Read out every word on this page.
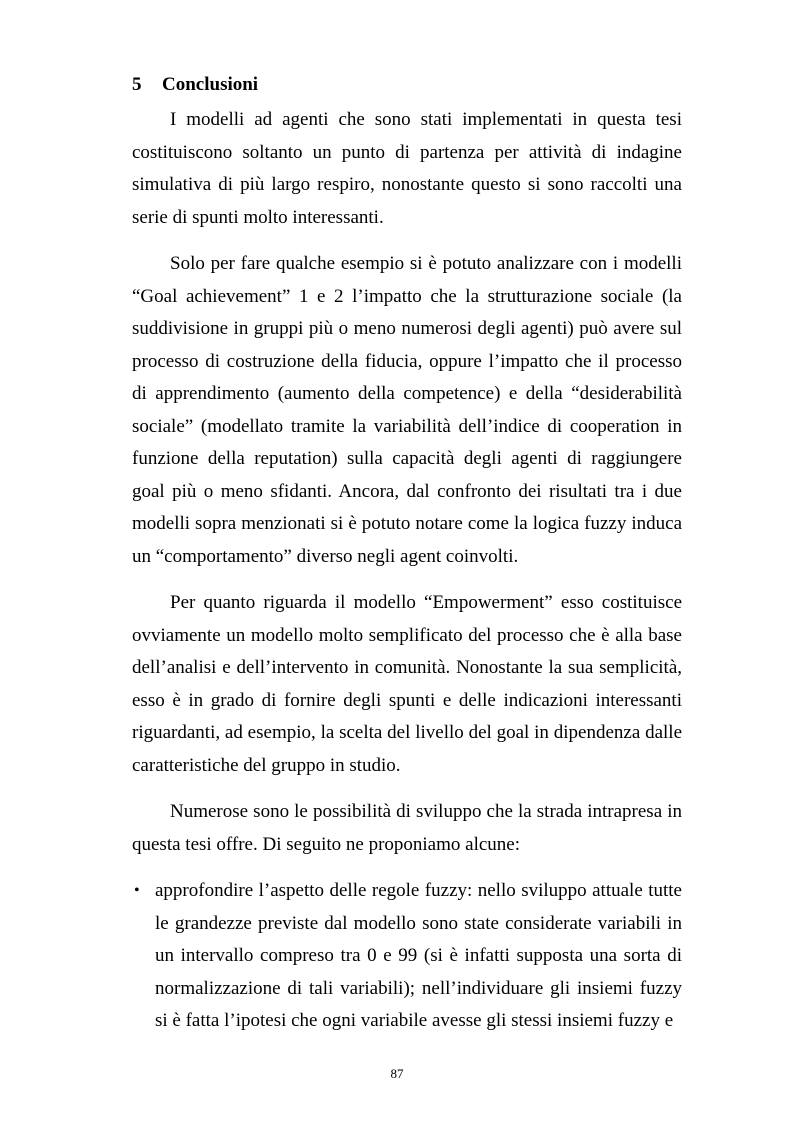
5	Conclusioni

I modelli ad agenti che sono stati implementati in questa tesi costituiscono soltanto un punto di partenza per attività di indagine simulativa di più largo respiro, nonostante questo si sono raccolti una serie di spunti molto interessanti.

Solo per fare qualche esempio si è potuto analizzare con i modelli “Goal achievement” 1 e 2 l’impatto che la strutturazione sociale (la suddivisione in gruppi più o meno numerosi degli agenti) può avere sul processo di costruzione della fiducia, oppure l’impatto che il processo di apprendimento (aumento della competence) e della “desiderabilità sociale” (modellato tramite la variabilità dell’indice di cooperation in funzione della reputation) sulla capacità degli agenti di raggiungere goal più o meno sfidanti. Ancora, dal confronto dei risultati tra i due modelli sopra menzionati si è potuto notare come la logica fuzzy induca un “comportamento” diverso negli agent coinvolti.

Per quanto riguarda il modello “Empowerment” esso costituisce ovviamente un modello molto semplificato del processo che è alla base dell’analisi e dell’intervento in comunità. Nonostante la sua semplicità, esso è in grado di fornire degli spunti e delle indicazioni interessanti riguardanti, ad esempio, la scelta del livello del goal in dipendenza dalle caratteristiche del gruppo in studio.

Numerose sono le possibilità di sviluppo che la strada intrapresa in questa tesi offre. Di seguito ne proponiamo alcune:

• approfondire l’aspetto delle regole fuzzy: nello sviluppo attuale tutte le grandezze previste dal modello sono state considerate variabili in un intervallo compreso tra 0 e 99 (si è infatti supposta una sorta di normalizzazione di tali variabili); nell’individuare gli insiemi fuzzy si è fatta l’ipotesi che ogni variabile avesse gli stessi insiemi fuzzy e
87
